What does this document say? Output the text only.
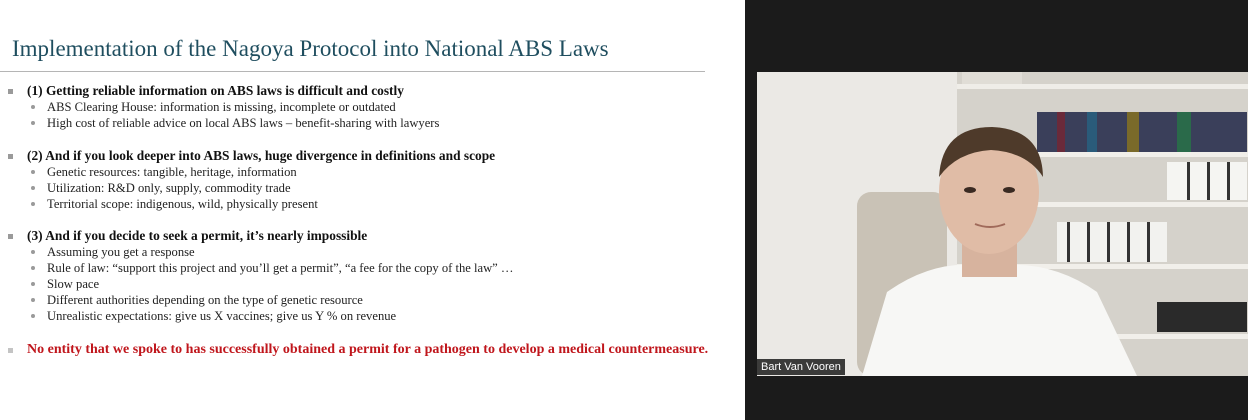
Implementation of the Nagoya Protocol into National ABS Laws
(1) Getting reliable information on ABS laws is difficult and costly
ABS Clearing House: information is missing, incomplete or outdated
High cost of reliable advice on local ABS laws – benefit-sharing with lawyers
(2) And if you look deeper into ABS laws, huge divergence in definitions and scope
Genetic resources: tangible, heritage, information
Utilization: R&D only, supply, commodity trade
Territorial scope: indigenous, wild, physically present
(3) And if you decide to seek a permit, it’s nearly impossible
Assuming you get a response
Rule of law: “support this project and you’ll get a permit”, “a fee for the copy of the law” …
Slow pace
Different authorities depending on the type of genetic resource
Unrealistic expectations: give us X vaccines; give us Y % on revenue
No entity that we spoke to has successfully obtained a permit for a pathogen to develop a medical countermeasure.
Bart Van Vooren
